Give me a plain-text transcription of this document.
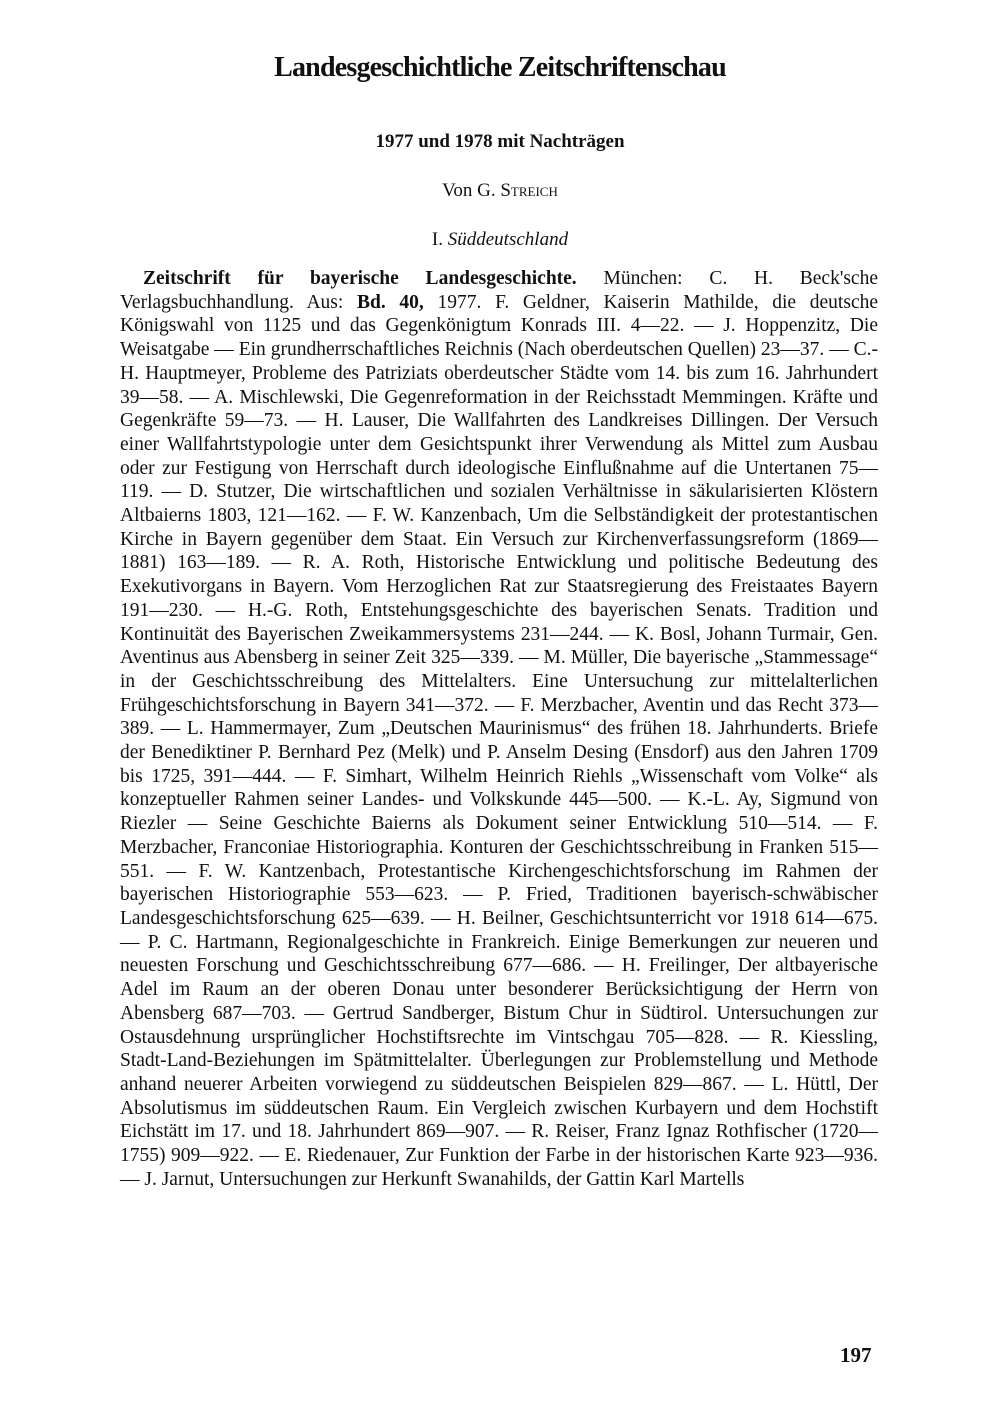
Landesgeschichtliche Zeitschriftenschau
1977 und 1978 mit Nachträgen
Von G. Streich
I. Süddeutschland

Zeitschrift für bayerische Landesgeschichte. München: C. H. Beck'sche Verlagsbuchhandlung. Aus: Bd. 40, 1977. F. Geldner, Kaiserin Mathilde, die deutsche Königswahl von 1125 und das Gegenkönigtum Konrads III. 4—22. — J. Hoppenzitz, Die Weisatgabe — Ein grundherrschaftliches Reichnis (Nach oberdeutschen Quellen) 23—37. — C.-H. Hauptmeyer, Probleme des Patriziats oberdeutscher Städte vom 14. bis zum 16. Jahrhundert 39—58. — A. Mischlewski, Die Gegenreformation in der Reichsstadt Memmingen. Kräfte und Gegenkräfte 59—73. — H. Lauser, Die Wallfahrten des Landkreises Dillingen. Der Versuch einer Wallfahrtstypologie unter dem Gesichtspunkt ihrer Verwendung als Mittel zum Ausbau oder zur Festigung von Herrschaft durch ideologische Einflußnahme auf die Untertanen 75—119. — D. Stutzer, Die wirtschaftlichen und sozialen Verhältnisse in säkularisierten Klöstern Altbaierns 1803, 121—162. — F. W. Kanzenbach, Um die Selbständigkeit der protestantischen Kirche in Bayern gegenüber dem Staat. Ein Versuch zur Kirchenverfassungsreform (1869—1881) 163—189. — R. A. Roth, Historische Entwicklung und politische Bedeutung des Exekutivorgans in Bayern. Vom Herzoglichen Rat zur Staatsregierung des Freistaates Bayern 191—230. — H.-G. Roth, Entstehungsgeschichte des bayerischen Senats. Tradition und Kontinuität des Bayerischen Zweikammersystems 231—244. — K. Bosl, Johann Turmair, Gen. Aventinus aus Abensberg in seiner Zeit 325—339. — M. Müller, Die bayerische „Stammessage“ in der Geschichtsschreibung des Mittelalters. Eine Untersuchung zur mittelalterlichen Frühgeschichtsforschung in Bayern 341—372. — F. Merzbacher, Aventin und das Recht 373—389. — L. Hammermayer, Zum „Deutschen Maurinismus“ des frühen 18. Jahrhunderts. Briefe der Benediktiner P. Bernhard Pez (Melk) und P. Anselm Desing (Ensdorf) aus den Jahren 1709 bis 1725, 391—444. — F. Simhart, Wilhelm Heinrich Riehls „Wissenschaft vom Volke“ als konzeptueller Rahmen seiner Landes- und Volkskunde 445—500. — K.-L. Ay, Sigmund von Riezler — Seine Geschichte Baierns als Dokument seiner Entwicklung 510—514. — F. Merzbacher, Franconiae Historiographia. Konturen der Geschichtsschreibung in Franken 515—551. — F. W. Kantzenbach, Protestantische Kirchengeschichtsforschung im Rahmen der bayerischen Historiographie 553—623. — P. Fried, Traditionen bayerisch-schwäbischer Landesgeschichtsforschung 625—639. — H. Beilner, Geschichtsunterricht vor 1918 614—675. — P. C. Hartmann, Regionalgeschichte in Frankreich. Einige Bemerkungen zur neueren und neuesten Forschung und Geschichtsschreibung 677—686. — H. Freilinger, Der altbayerische Adel im Raum an der oberen Donau unter besonderer Berücksichtigung der Herrn von Abensberg 687—703. — Gertrud Sandberger, Bistum Chur in Südtirol. Untersuchungen zur Ostausdehnung ursprünglicher Hochstiftsrechte im Vintschgau 705—828. — R. Kiessling, Stadt-Land-Beziehungen im Spätmittelalter. Überlegungen zur Problemstellung und Methode anhand neuerer Arbeiten vorwiegend zu süddeutschen Beispielen 829—867. — L. Hüttl, Der Absolutismus im süddeutschen Raum. Ein Vergleich zwischen Kurbayern und dem Hochstift Eichstätt im 17. und 18. Jahrhundert 869—907. — R. Reiser, Franz Ignaz Rothfischer (1720—1755) 909—922. — E. Riedenauer, Zur Funktion der Farbe in der historischen Karte 923—936. — J. Jarnut, Untersuchungen zur Herkunft Swanahilds, der Gattin Karl Martells

197
